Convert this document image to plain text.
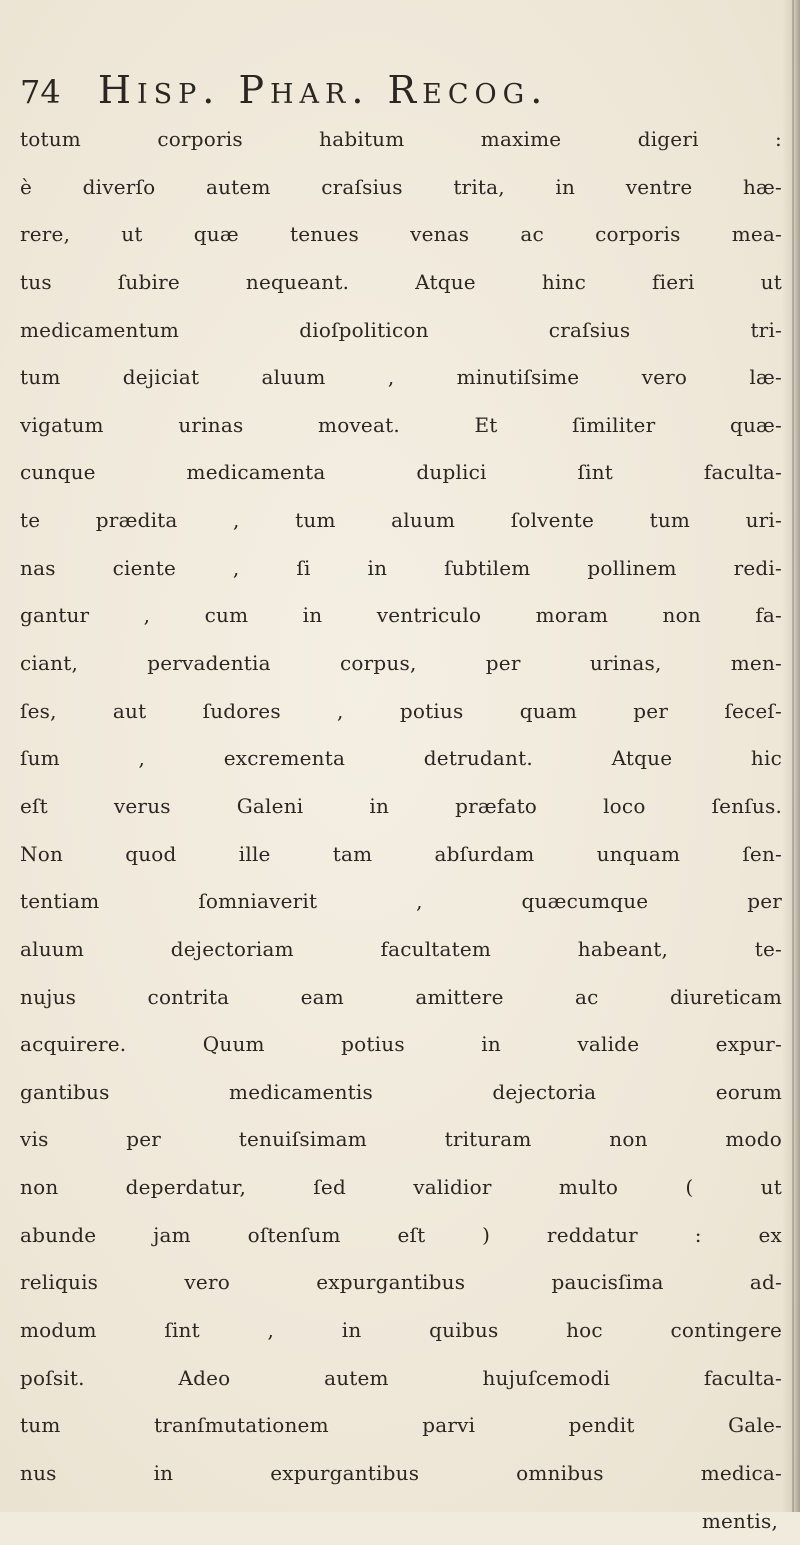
74 Hisp. Phar. Recog.
totum corporis habitum maxime digeri :
è diverſo autem craſsius trita, in ventre hæ-
rere, ut quæ tenues venas ac corporis mea-
tus ſubire nequeant. Atque hinc fieri ut
medicamentum dioſpoliticon craſsius tri-
tum dejiciat aluum , minutiſsime vero læ-
vigatum urinas moveat. Et ſimiliter quæ-
cunque medicamenta duplici ſint faculta-
te prædita , tum aluum ſolvente tum uri-
nas ciente , ſi in ſubtilem pollinem redi-
gantur , cum in ventriculo moram non fa-
ciant, pervadentia corpus, per urinas, men-
ſes, aut ſudores , potius quam per ſeceſ-
ſum , excrementa detrudant. Atque hic
eſt verus Galeni in præfato loco ſenſus.
Non quod ille tam abſurdam unquam ſen-
tentiam ſomniaverit , quæcumque per
aluum dejectoriam facultatem habeant, te-
nujus contrita eam amittere ac diureticam
acquirere. Quum potius in valide expur-
gantibus medicamentis dejectoria eorum
vis per tenuiſsimam trituram non modo
non deperdatur, ſed validior multo ( ut
abunde jam oſtenſum eſt ) reddatur : ex
reliquis vero expurgantibus paucisſima ad-
modum ſint , in quibus hoc contingere
poſsit. Adeo autem hujuſcemodi faculta-
tum tranſmutationem parvi pendit Gale-
nus in expurgantibus omnibus medica-
mentis,
